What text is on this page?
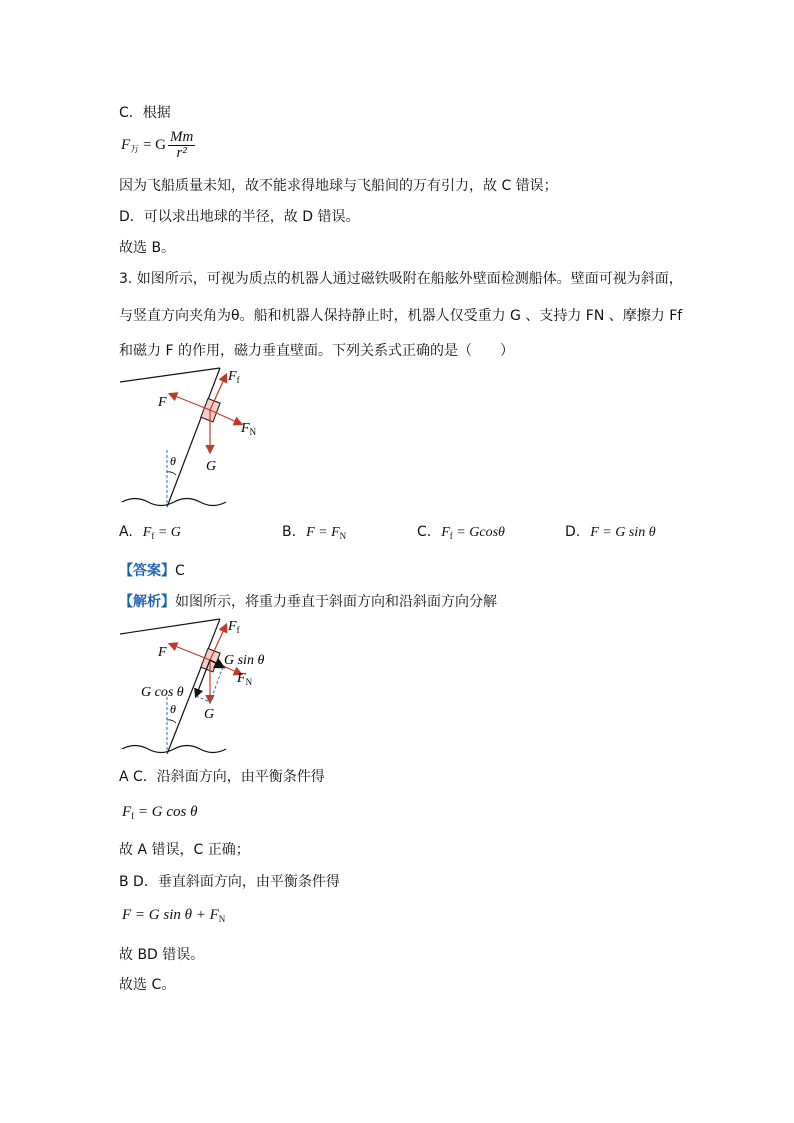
C．根据
$F_万 = G \frac{Mm}{\text{r²}}$
因为飞船质量未知，故不能求得地球与飞船间的万有引力，故 C 错误；
D．可以求出地球的半径，故 D 错误。
故选 B。
3. 如图所示，可视为质点的机器人通过磁铁吸附在船舷外壁面检测船体。壁面可视为斜面，
与竖直方向夹角为θ。船和机器人保持静止时，机器人仅受重力 G 、支持力 FN 、摩擦力 Ff
和磁力 F 的作用，磁力垂直壁面。下列关系式正确的是（　　）
F
$F_f$
$F_N$
G
θ
A. $F_f = G$	B. $F = F_N$	C. $F_f = Gcos\theta$	D. F = G sin θ
【答案】C
【解析】如图所示，将重力垂直于斜面方向和沿斜面方向分解
F
$F_f$
$F_N$
G sin θ
G cos θ
G
θ
A C．沿斜面方向，由平衡条件得
$F_f = G$ cos θ
故 A 错误，C 正确；
B D．垂直斜面方向，由平衡条件得
F = G $\sin \theta + F_N$
故 BD 错误。
故选 C。
